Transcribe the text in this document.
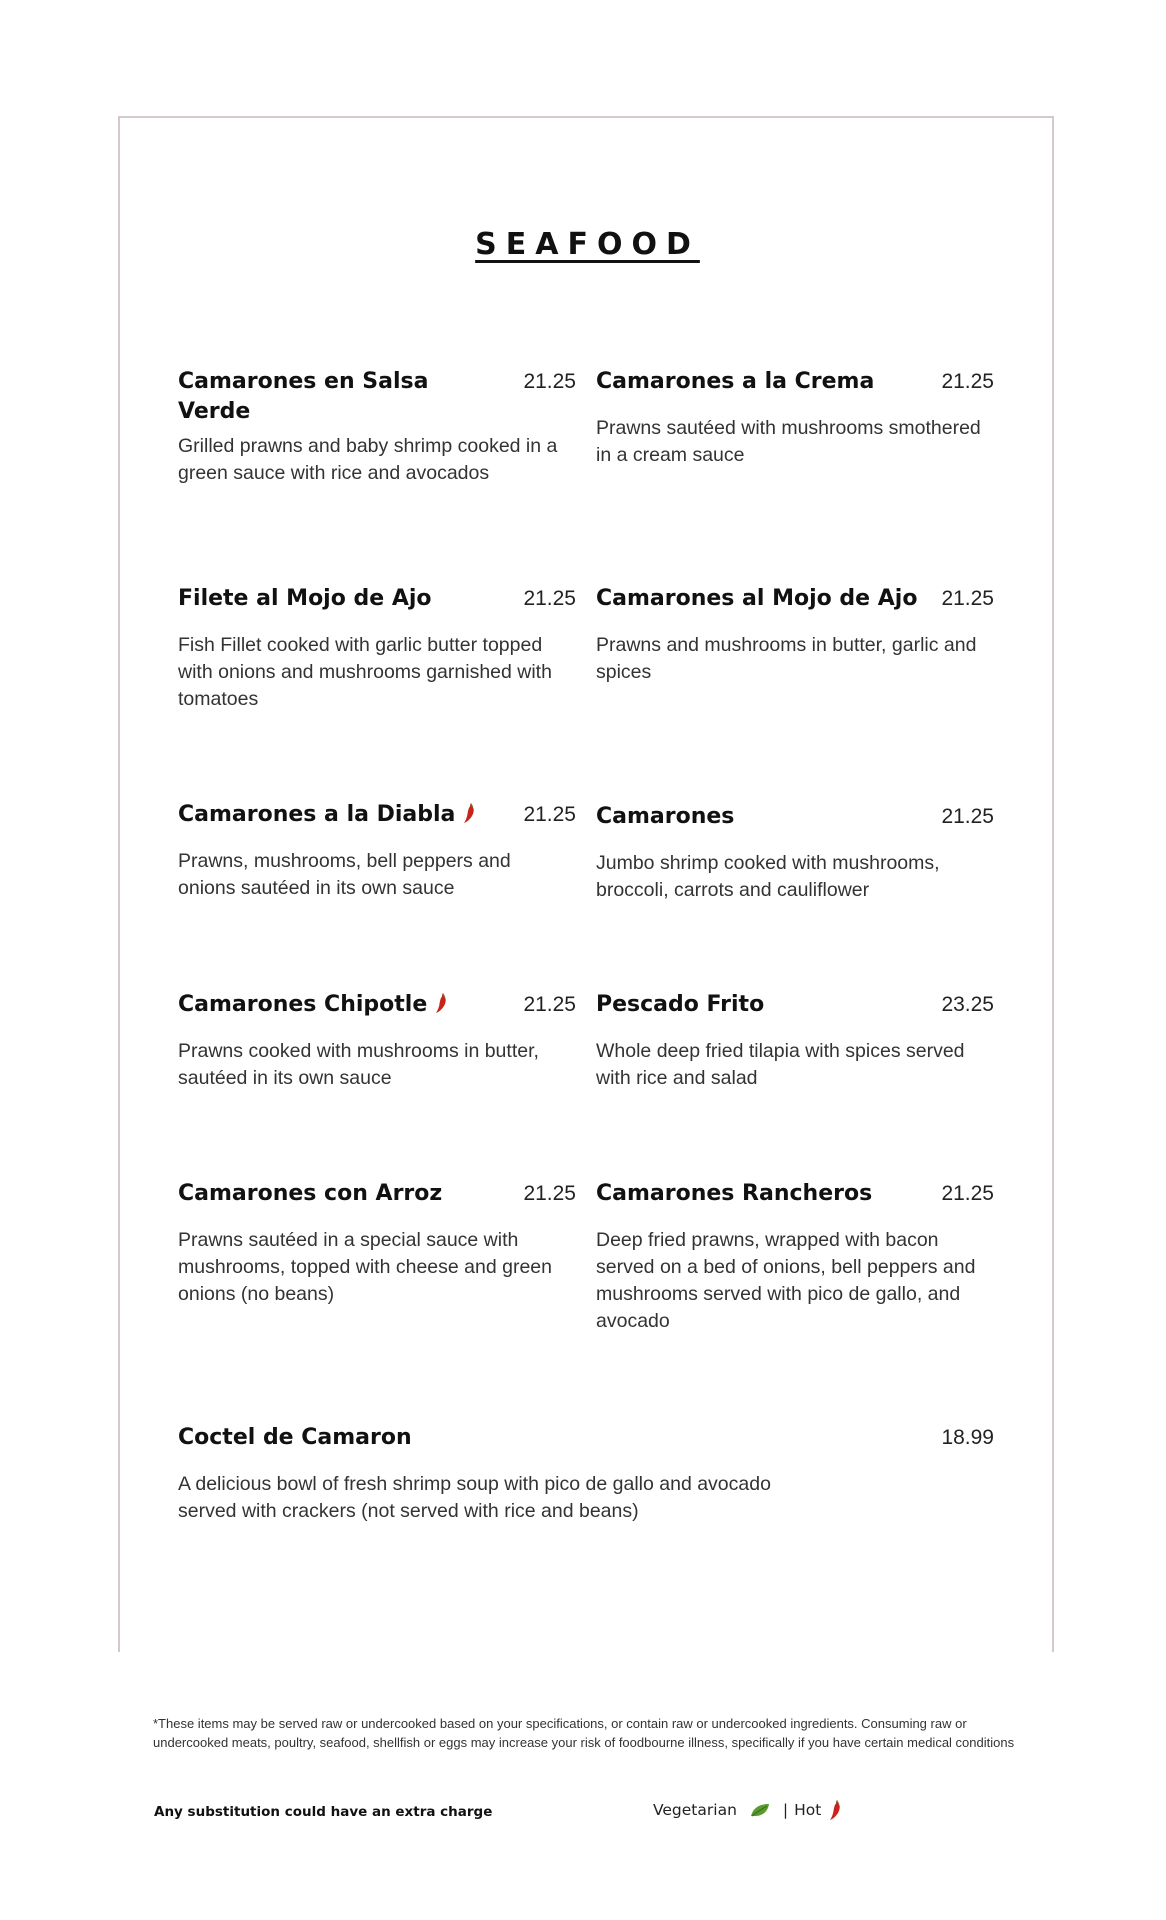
SEAFOOD
Camarones en Salsa Verde
21.25
Grilled prawns and baby shrimp cooked in a green sauce with rice and avocados
Camarones a la Crema	21.25
Prawns sautéed with mushrooms smothered in a cream sauce
Filete al Mojo de Ajo	21.25
Fish Fillet cooked with garlic butter topped with onions and mushrooms garnished with tomatoes
Camarones al Mojo de Ajo	21.25
Prawns and mushrooms in butter, garlic and spices
Camarones a la Diabla	21.25
Prawns, mushrooms, bell peppers and onions sautéed in its own sauce
Camarones	21.25
Jumbo shrimp cooked with mushrooms, broccoli, carrots and cauliflower
Camarones Chipotle	21.25
Prawns cooked with mushrooms in butter, sautéed in its own sauce
Pescado Frito	23.25
Whole deep fried tilapia with spices served with rice and salad
Camarones con Arroz	21.25
Prawns sautéed in a special sauce with mushrooms, topped with cheese and green onions (no beans)
Camarones Rancheros	21.25
Deep fried prawns, wrapped with bacon served on a bed of onions, bell peppers and mushrooms served with pico de gallo, and avocado
Coctel de Camaron	18.99
A delicious bowl of fresh shrimp soup with pico de gallo and avocado served with crackers (not served with rice and beans)
*These items may be served raw or undercooked based on your specifications, or contain raw or undercooked ingredients. Consuming raw or undercooked meats, poultry, seafood, shellfish or eggs may increase your risk of foodbourne illness, specifically if you have certain medical conditions
Any substitution could have an extra charge	Vegetarian	| Hot
